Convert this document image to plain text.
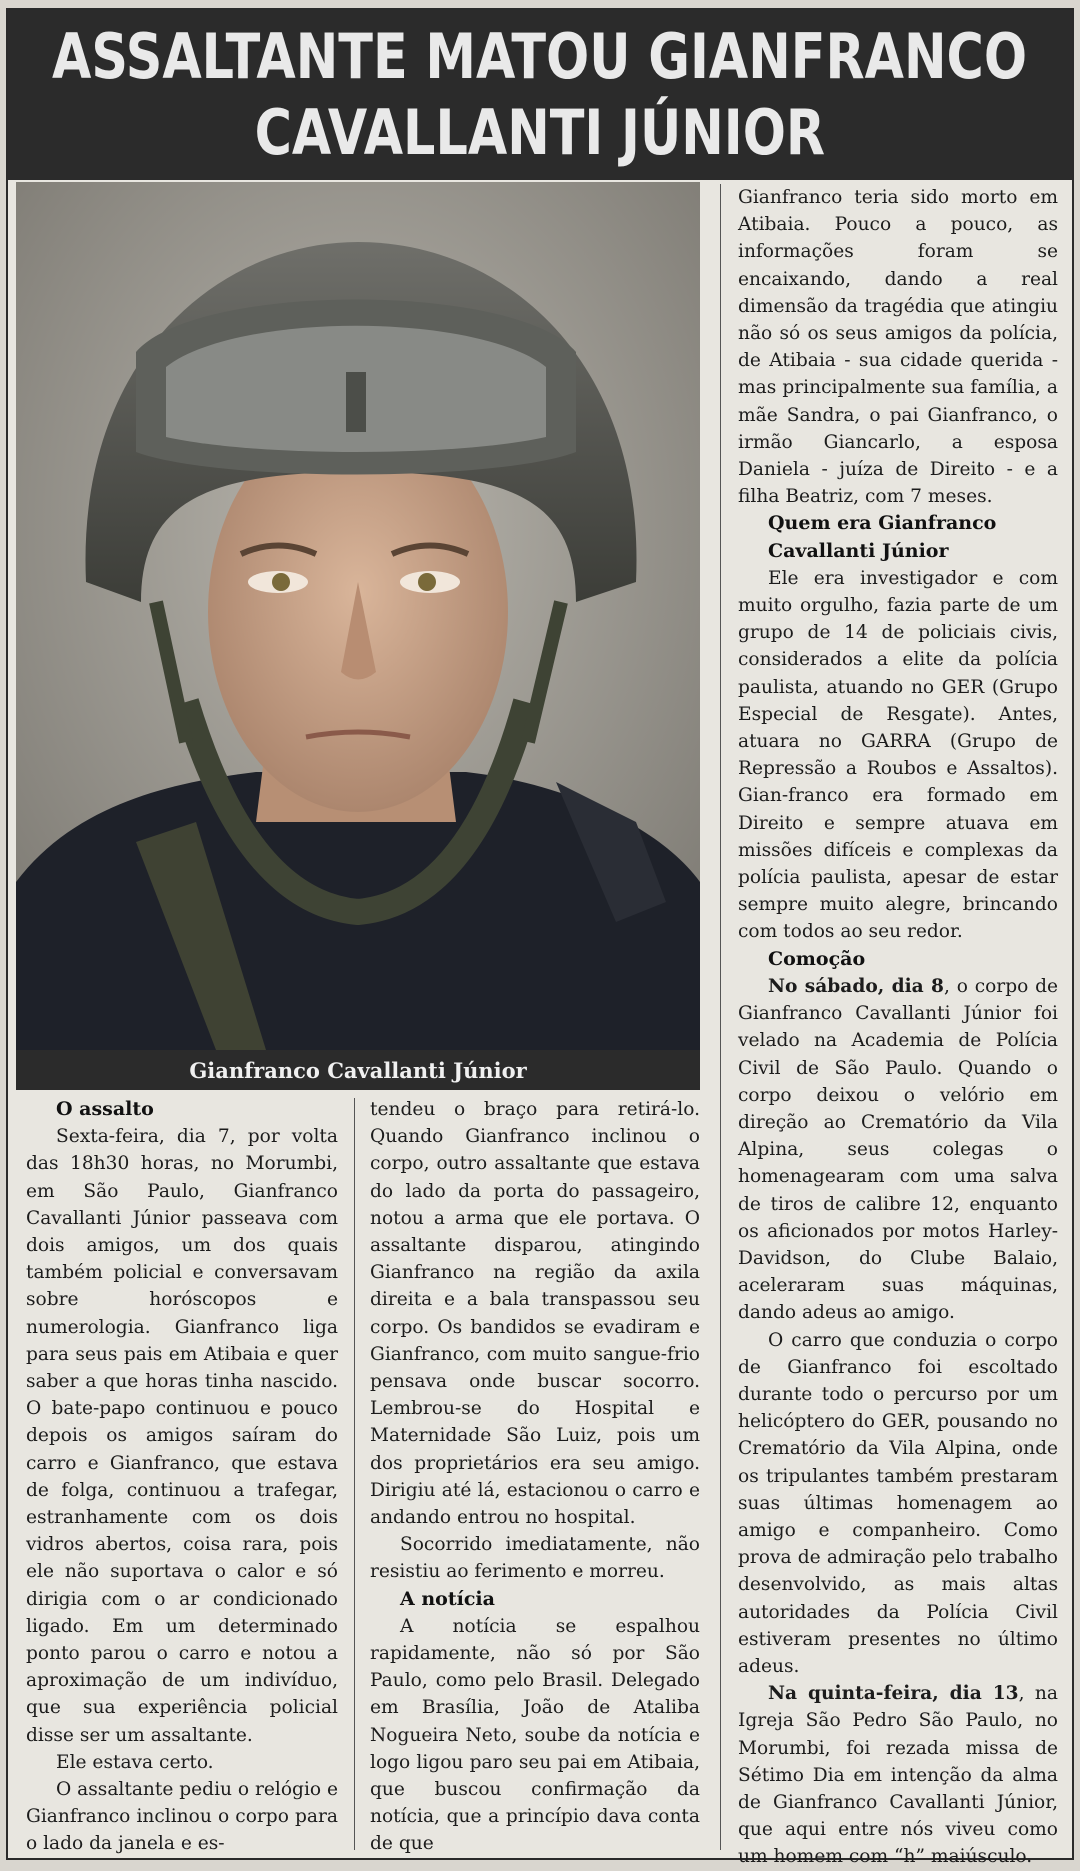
ASSALTANTE MATOU GIANFRANCO
CAVALLANTI JÚNIOR
Gianfranco Cavallanti Júnior
O assalto

Sexta-feira, dia 7, por volta das 18h30 horas, no Morumbi, em São Paulo, Gianfranco Cavallanti Júnior passeava com dois amigos, um dos quais também policial e conversavam sobre horóscopos e numerologia. Gianfranco liga para seus pais em Atibaia e quer saber a que horas tinha nascido. O bate-papo continuou e pouco depois os amigos saíram do carro e Gianfranco, que estava de folga, continuou a trafegar, estranhamente com os dois vidros abertos, coisa rara, pois ele não suportava o calor e só dirigia com o ar condicionado ligado. Em um determinado ponto parou o carro e notou a aproximação de um indivíduo, que sua experiência policial disse ser um assaltante.

Ele estava certo.

O assaltante pediu o relógio e Gianfranco inclinou o corpo para o lado da janela e es-

tendeu o braço para retirá-lo. Quando Gianfranco inclinou o corpo, outro assaltante que estava do lado da porta do passageiro, notou a arma que ele portava. O assaltante disparou, atingindo Gianfranco na região da axila direita e a bala transpassou seu corpo. Os bandidos se evadiram e Gianfranco, com muito sangue-frio pensava onde buscar socorro. Lembrou-se do Hospital e Maternidade São Luiz, pois um dos proprietários era seu amigo. Dirigiu até lá, estacionou o carro e andando entrou no hospital.

Socorrido imediatamente, não resistiu ao ferimento e morreu.

A notícia

A notícia se espalhou rapidamente, não só por São Paulo, como pelo Brasil. Delegado em Brasília, João de Ataliba Nogueira Neto, soube da notícia e logo ligou paro seu pai em Atibaia, que buscou confirmação da notícia, que a princípio dava conta de que

Gianfranco teria sido morto em Atibaia. Pouco a pouco, as informações foram se encaixando, dando a real dimensão da tragédia que atingiu não só os seus amigos da polícia, de Atibaia - sua cidade querida - mas principalmente sua família, a mãe Sandra, o pai Gianfranco, o irmão Giancarlo, a esposa Daniela - juíza de Direito - e a filha Beatriz, com 7 meses.

Quem era Gianfranco
Cavallanti Júnior

Ele era investigador e com muito orgulho, fazia parte de um grupo de 14 de policiais civis, considerados a elite da polícia paulista, atuando no GER (Grupo Especial de Resgate). Antes, atuara no GARRA (Grupo de Repressão a Roubos e Assaltos). Gian-franco era formado em Direito e sempre atuava em missões difíceis e complexas da polícia paulista, apesar de estar sempre muito alegre, brincando com todos ao seu redor.

Comoção

No sábado, dia 8, o corpo de Gianfranco Cavallanti Júnior foi velado na Academia de Polícia Civil de São Paulo. Quando o corpo deixou o velório em direção ao Crematório da Vila Alpina, seus colegas o homenagearam com uma salva de tiros de calibre 12, enquanto os aficionados por motos Harley-Davidson, do Clube Balaio, aceleraram suas máquinas, dando adeus ao amigo.

O carro que conduzia o corpo de Gianfranco foi escoltado durante todo o percurso por um helicóptero do GER, pousando no Crematório da Vila Alpina, onde os tripulantes também prestaram suas últimas homenagem ao amigo e companheiro. Como prova de admiração pelo trabalho desenvolvido, as mais altas autoridades da Polícia Civil estiveram presentes no último adeus.

Na quinta-feira, dia 13, na Igreja São Pedro São Paulo, no Morumbi, foi rezada missa de Sétimo Dia em intenção da alma de Gianfranco Cavallanti Júnior, que aqui entre nós viveu como um homem com “h” maiúsculo.
